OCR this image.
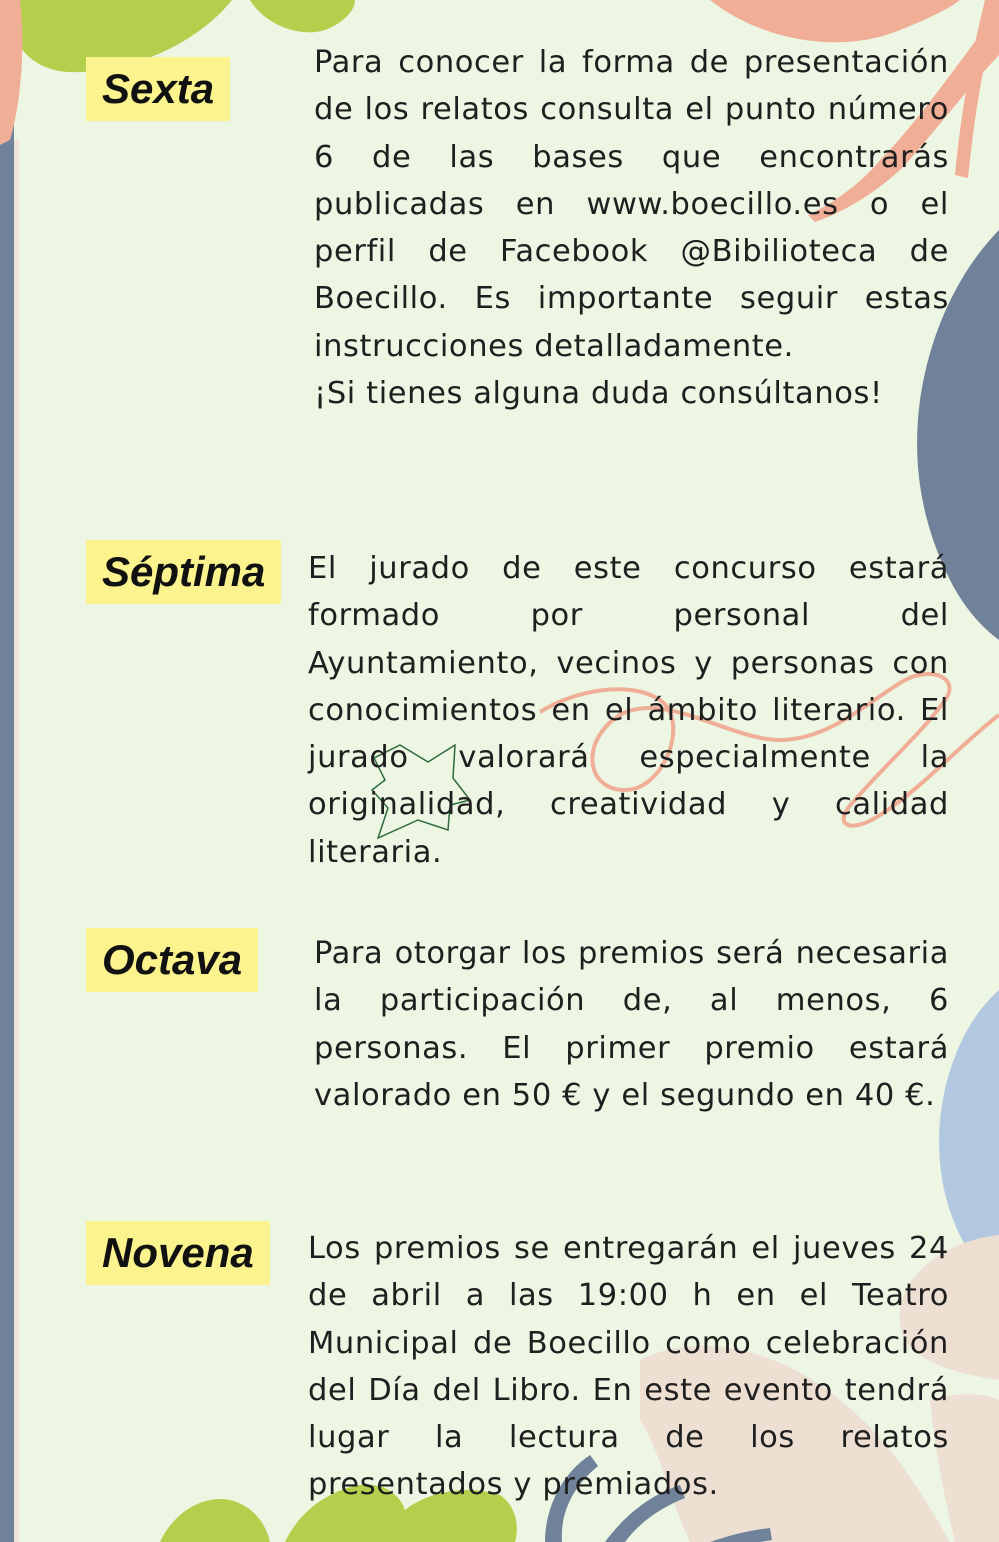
Sexta
Para conocer la forma de presentación de los relatos consulta el punto número 6 de las bases que encontrarás publicadas en www.boecillo.es o el perfil de Facebook @Bibilioteca de Boecillo. Es importante seguir estas instrucciones detalladamente.
¡Si tienes alguna duda consúltanos!
Séptima	El jurado de este concurso estará formado por personal del Ayuntamiento, vecinos y personas con conocimientos en el ámbito literario. El jurado valorará especialmente la originalidad, creatividad y calidad literaria.
Octava	Para otorgar los premios será necesaria la participación de, al menos, 6 personas. El primer premio estará valorado en 50 € y el segundo en 40 €.
Novena	Los premios se entregarán el jueves 24 de abril a las 19:00 h en el Teatro Municipal de Boecillo como celebración del Día del Libro. En este evento tendrá lugar la lectura de los relatos presentados y premiados.
